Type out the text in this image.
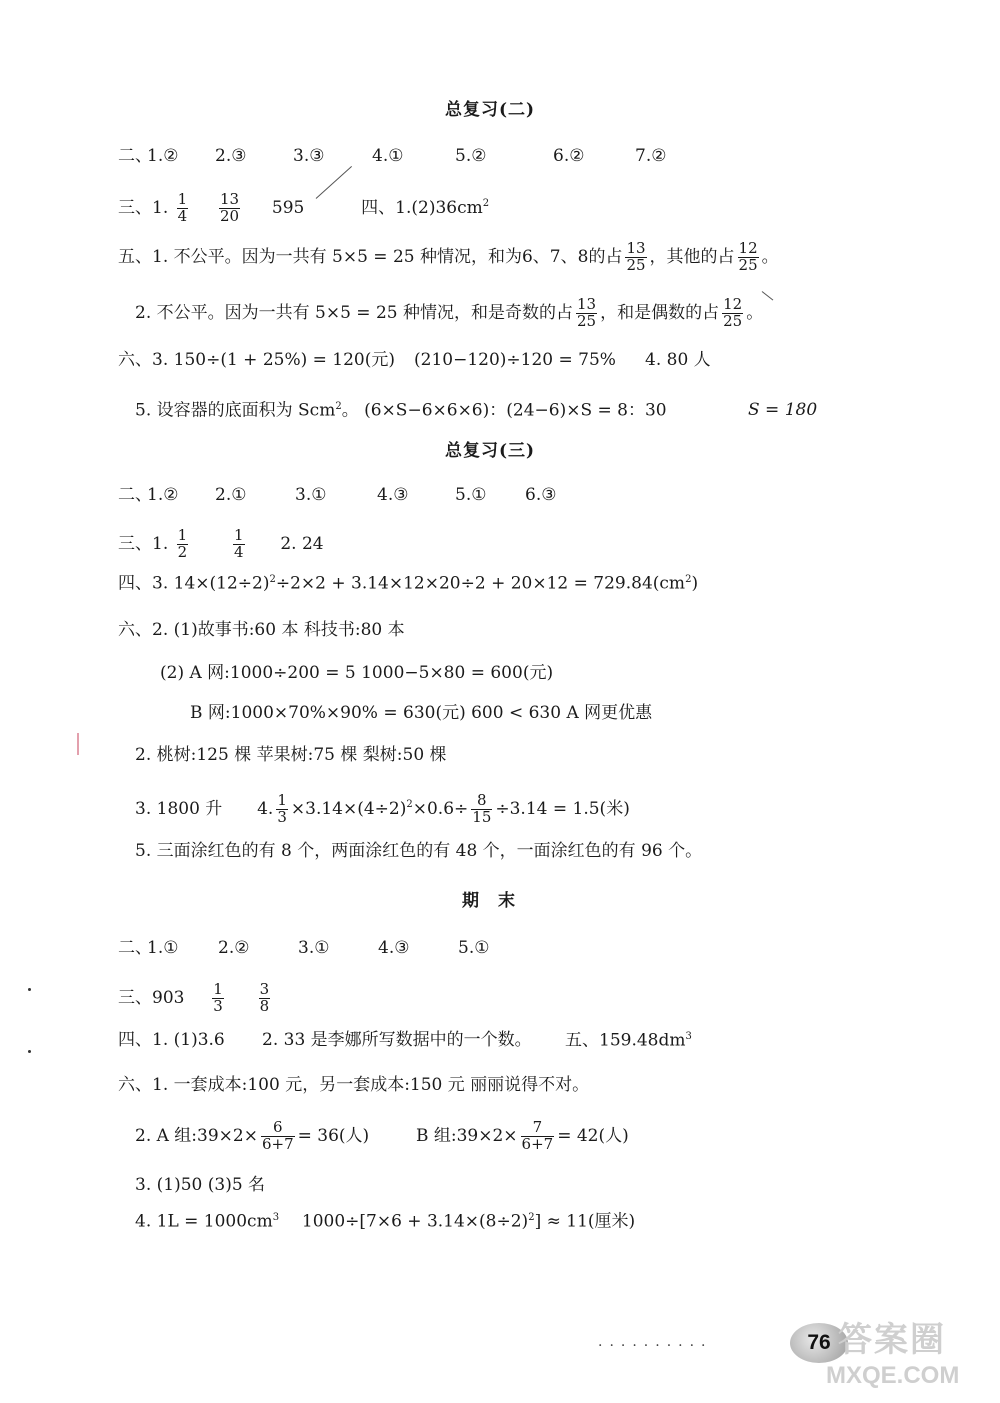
总复习(二)
二、
1.② 2.③	3.③	4.①	5.②	6.②	7.②
三、1. $\frac{1}{4}$
$\frac{13}{20} 595$	四、$1.(2)36cm^2$
五、1. 不公平。因为一共有 5×5 = 25 种情况，和为6、7、8的占 $\frac{13}{25}$ ，其他的占 $\frac{12}{25}$ 。
2. 不公平。因为一共有 5×5 = 25 种情况，和是奇数的占 $\frac{13}{25}$ ，和是偶数的占 $\frac{12}{25}$ 。
六、3. 150÷(1 + 25%) = 120(元) (210−120)÷120 = 75% 4. 80 人
5. 设容器的底面积为 Scm$^2$。 (6×S−6×6×6)：(24−6)×S = 8：30	S = 180
总复习(三)
二、
1.② 2.①	3.①	4.③	5.① 6.③
三、1. $\frac{1}{2}$
	$\frac{1}{4} 2$. 24
四、3. $14\times(12\div 2)^2\div 2\times 2 + 3.14\times 12\times 20\div 2 + 20\times 12 = 729.84(cm^2)$
六、2. (1)故事书:60 本 科技书:80 本
(2) A 网:1000÷200 = 5 1000−5×80 = 600(元)
B 网:1000×70%×90% = 630(元) 600 < 630 A 网更优惠
2. 桃树:125 棵 苹果树:75 棵 梨树:50 棵
3. 1800 升 4. $\frac{1}{3} \times 3.14\times(4\div 2)^2\times 0.6\div \frac{8}{15} \div 3.14 = 1.5$(米)
5. 三面涂红色的有 8 个，两面涂红色的有 48 个，一面涂红色的有 96 个。
期　末
二、
1.① 2.②	3.①	4.③	5.①
三、$903 \frac{1}{3}$
$\frac{3}{8}$
四、1. (1)3.6 2. 33 是李娜所写数据中的一个数。 五、$159.48dm^3$
六、1. 一套成本:100 元，另一套成本:150 元 丽丽说得不对。
2. A 组:39×2× $\frac{6}{6+7} = 36$(人)	B 组:39×2× $\frac{7}{6+7} = 42$(人)
3. (1)50 (3)5 名
4. $1L = 1000cm^3$ $1000\div[7\times 6 + 3.14\times(8\div 2)^2] \approx 11$(厘米)
··········	76 答案圈
MXQE.COM
